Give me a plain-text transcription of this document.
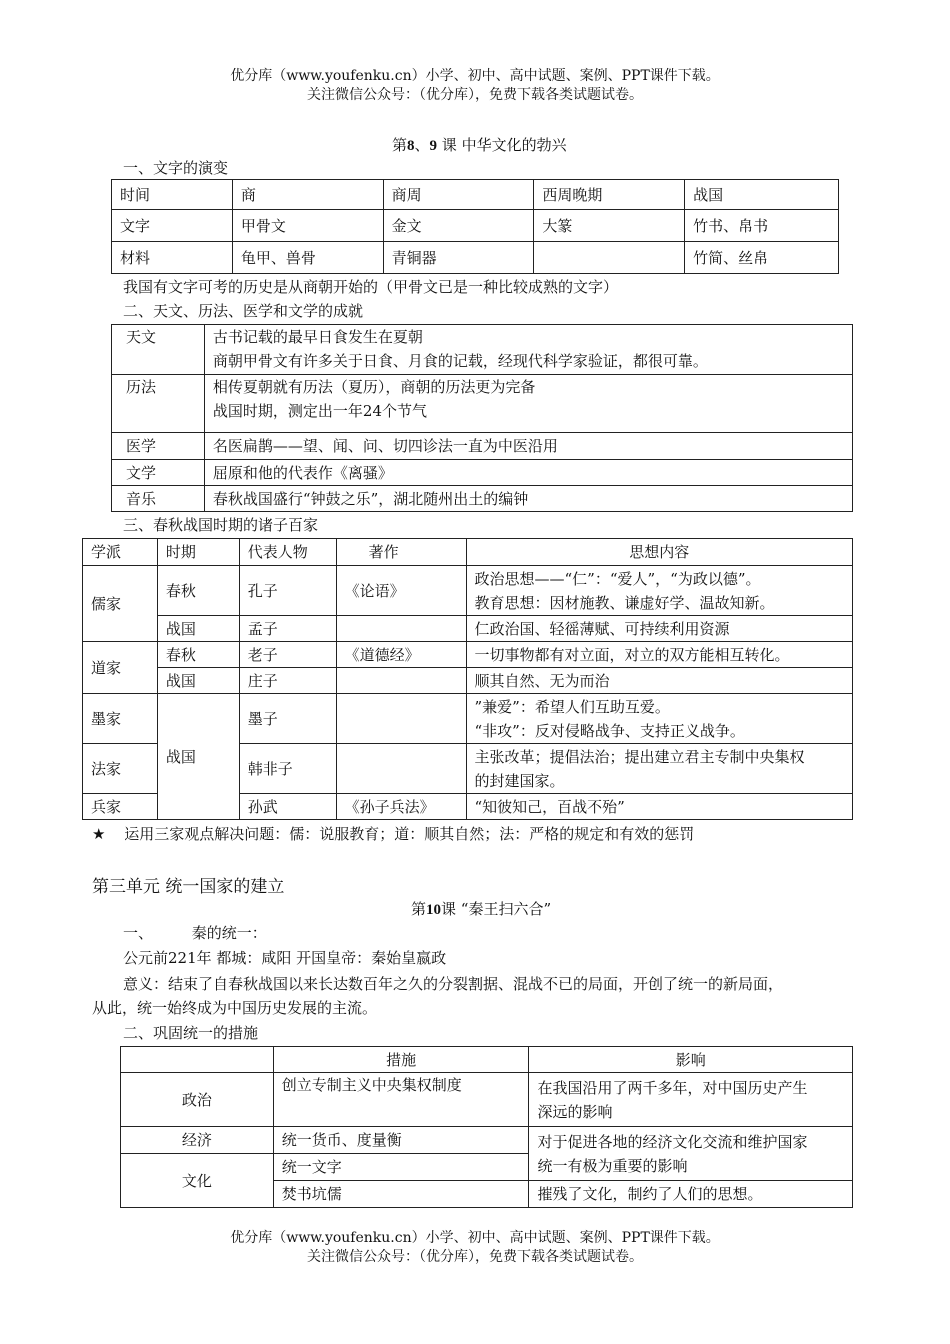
优分库（www.youfenku.cn）小学、初中、高中试题、案例、PPT课件下载。
关注微信公众号：（优分库），免费下载各类试题试卷。
第8、9 课 中华文化的勃兴
一、文字的演变
时间	商	商周	西周晚期	战国
文字	甲骨文	金文	大篆	竹书、帛书
材料	龟甲、兽骨	青铜器		竹简、丝帛
我国有文字可考的历史是从商朝开始的（甲骨文已是一种比较成熟的文字）
二、天文、历法、医学和文学的成就
天文	古书记载的最早日食发生在夏朝
商朝甲骨文有许多关于日食、月食的记载，经现代科学家验证，都很可靠。

历法	相传夏朝就有历法（夏历），商朝的历法更为完备
战国时期，测定出一年24个节气

医学	名医扁鹊——望、闻、问、切四诊法一直为中医沿用
文学	屈原和他的代表作《离骚》
音乐	春秋战国盛行“钟鼓之乐”，湖北随州出土的编钟
三、春秋战国时期的诸子百家
学派	时期	代表人物	著作	思想内容
儒家	春秋	孔子	《论语》	政治思想——“仁”：“爱人”，“为政以德”。
教育思想：因材施教、谦虚好学、温故知新。

	战国	孟子		仁政治国、轻徭薄赋、可持续利用资源
道家	春秋	老子	《道德经》	一切事物都有对立面，对立的双方能相互转化。
	战国	庄子		顺其自然、无为而治
墨家	战国	墨子		”兼爱”：希望人们互助互爱。
“非攻”：反对侵略战争、支持正义战争。

法家		韩非子		主张改革；提倡法治；提出建立君主专制中央集权
的封建国家。

兵家		孙武	《孙子兵法》	“知彼知己，百战不殆”
★ 运用三家观点解决问题：儒：说服教育；道：顺其自然；法：严格的规定和有效的惩罚
第三单元 统一国家的建立
第10课 “秦王扫六合”
一、	秦的统一：
公元前221年 都城：咸阳 开国皇帝：秦始皇嬴政
意义：结束了自春秋战国以来长达数百年之久的分裂割据、混战不已的局面，开创了统一的新局面，
从此，统一始终成为中国历史发展的主流。
二、巩固统一的措施
	措施	影响
政治	创立专制主义中央集权制度	在我国沿用了两千多年，对中国历史产生
深远的影响

经济	统一货币、度量衡	对于促进各地的经济文化交流和维护国家
统一有极为重要的影响

文化	统一文字	
	焚书坑儒	摧残了文化，制约了人们的思想。
优分库（www.youfenku.cn）小学、初中、高中试题、案例、PPT课件下载。
关注微信公众号：（优分库），免费下载各类试题试卷。
